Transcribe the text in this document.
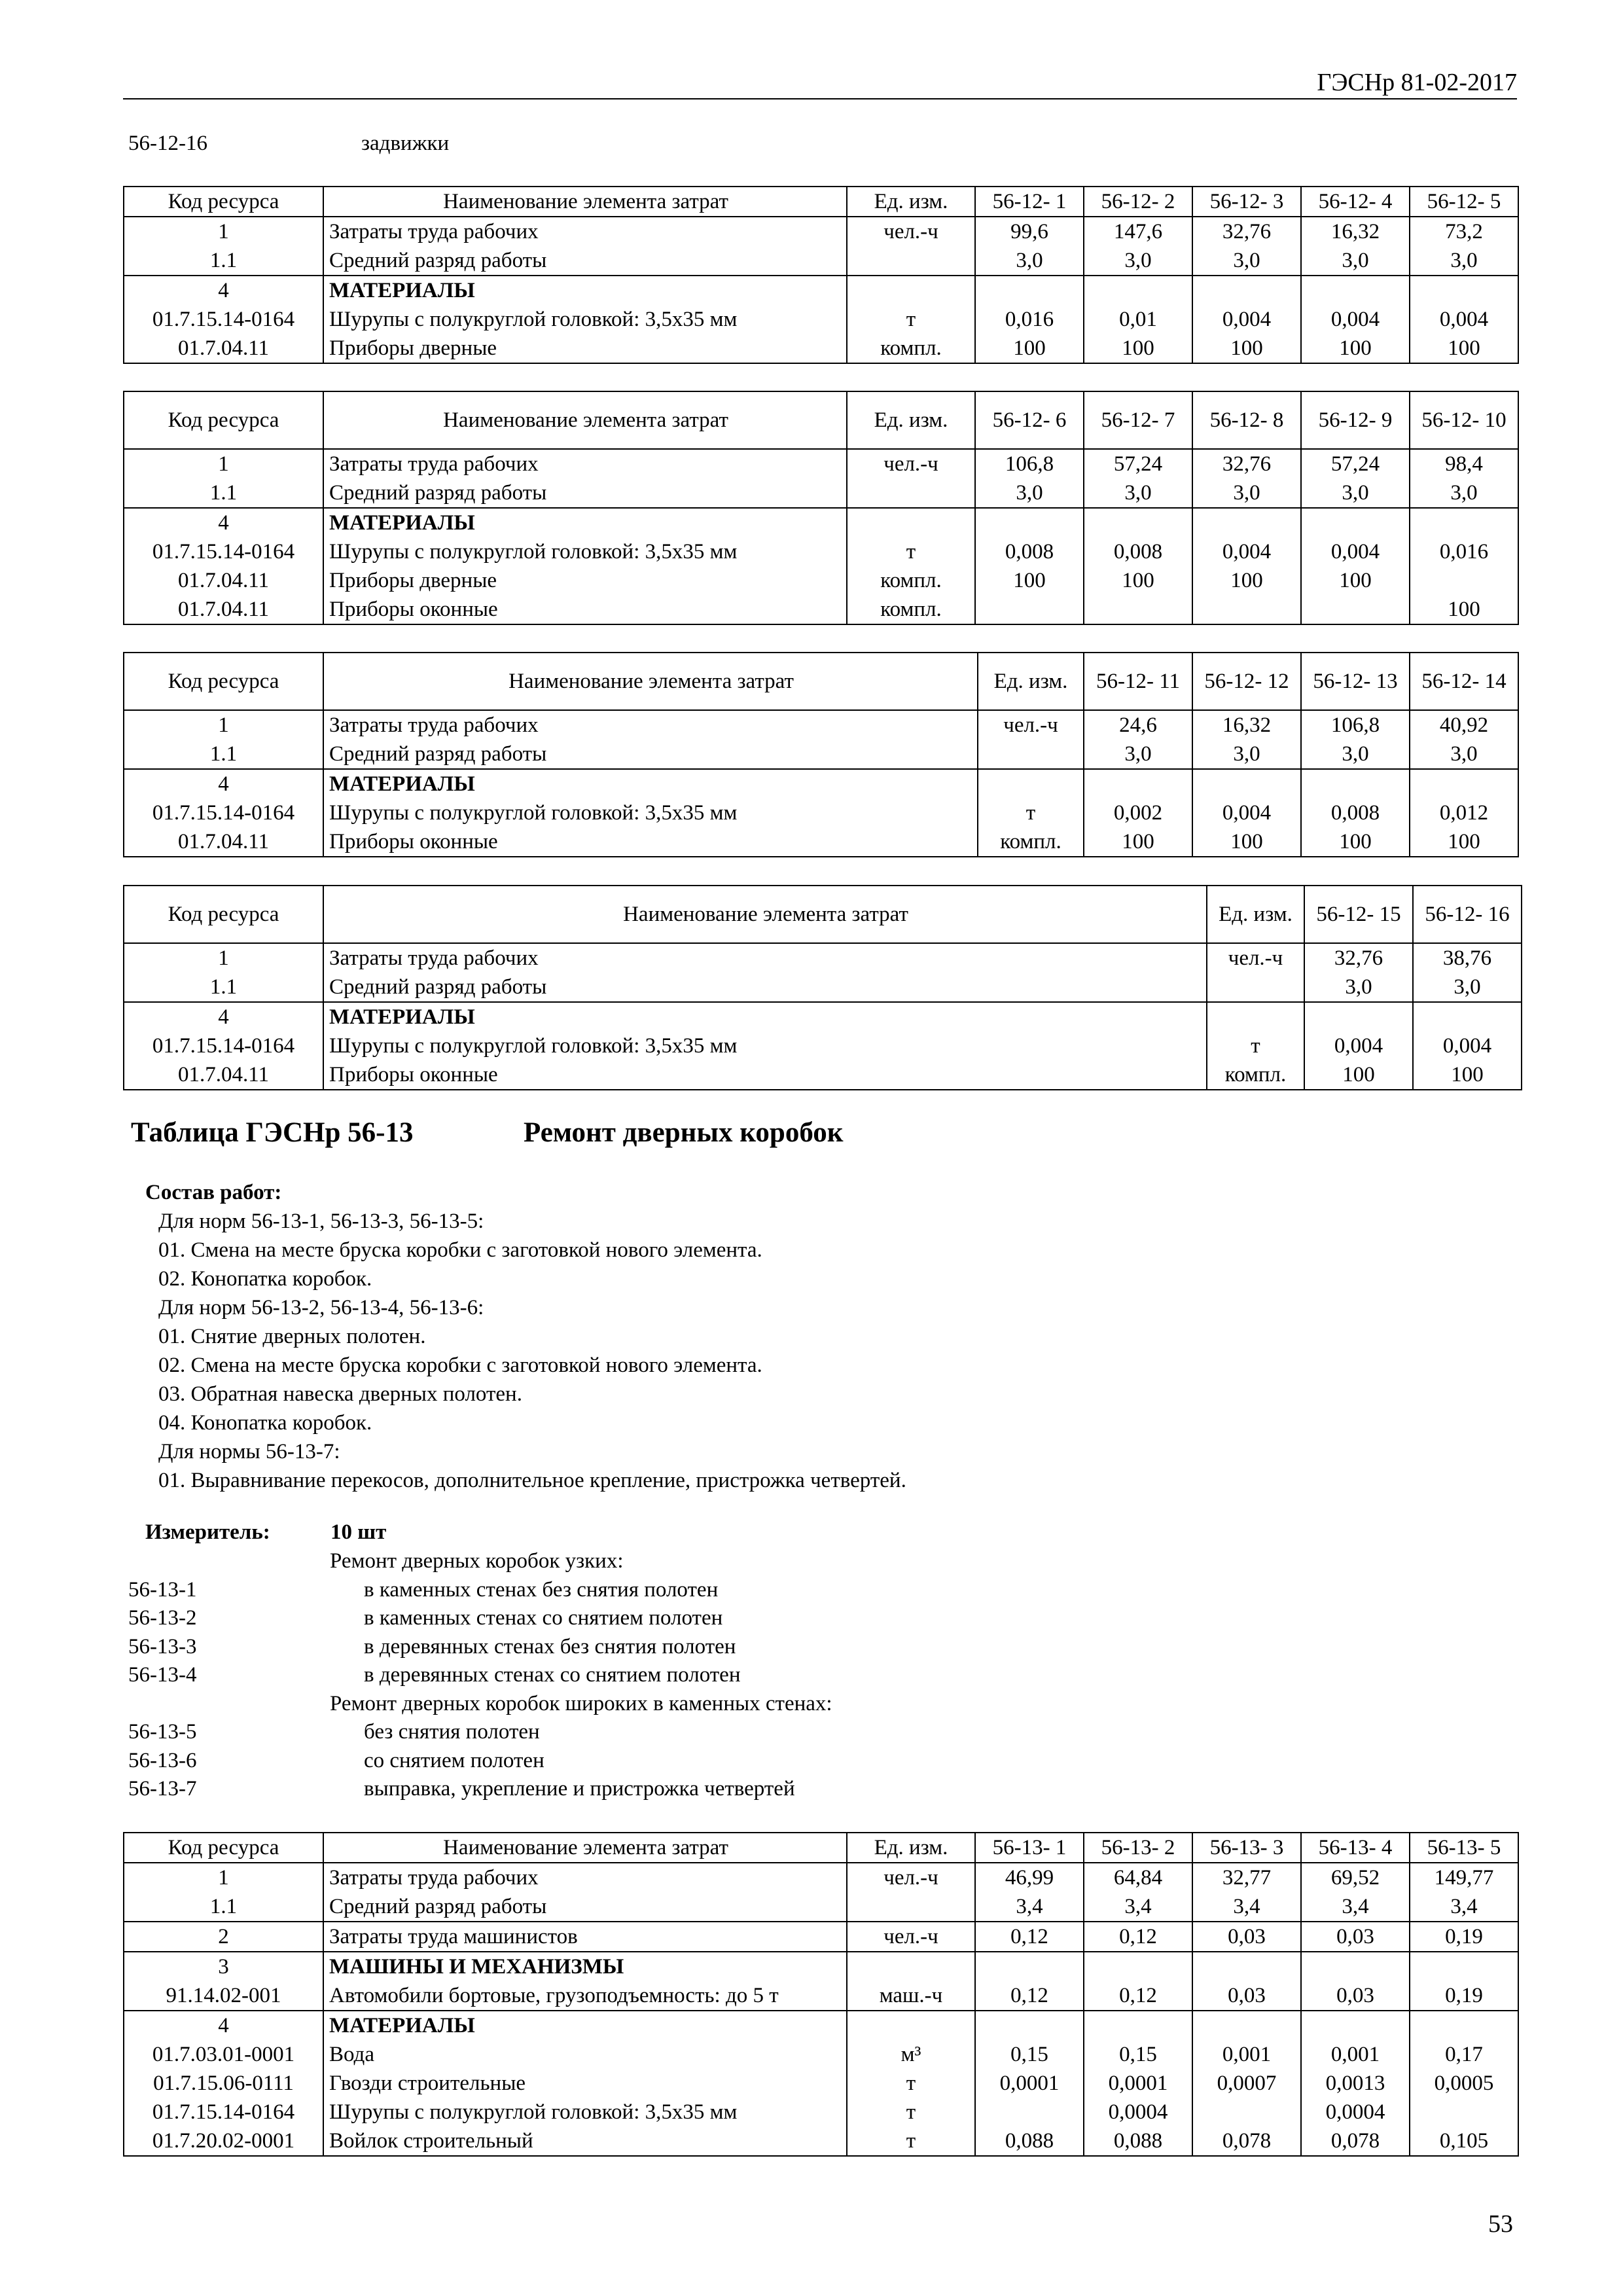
ГЭСНр 81-02-2017
56-12-16	задвижки
Код ресурса	Наименование элемента затрат	Ед. изм.	56-12- 1	56-12- 2	56-12- 3	56-12- 4	56-12- 5
1	Затраты труда рабочих	чел.-ч	99,6	147,6	32,76	16,32	73,2
1.1	Средний разряд работы		3,0	3,0	3,0	3,0	3,0
4	МАТЕРИАЛЫ						
01.7.15.14-0164	Шурупы с полукруглой головкой: 3,5х35 мм	т	0,016	0,01	0,004	0,004	0,004
01.7.04.11	Приборы дверные	компл.	100	100	100	100	100
Код ресурса	Наименование элемента затрат	Ед. изм.	56-12- 6	56-12- 7	56-12- 8	56-12- 9	56-12- 10
1	Затраты труда рабочих	чел.-ч	106,8	57,24	32,76	57,24	98,4
1.1	Средний разряд работы		3,0	3,0	3,0	3,0	3,0
4	МАТЕРИАЛЫ						
01.7.15.14-0164	Шурупы с полукруглой головкой: 3,5х35 мм	т	0,008	0,008	0,004	0,004	0,016
01.7.04.11	Приборы дверные	компл.	100	100	100	100	
01.7.04.11	Приборы оконные	компл.					100
Код ресурса	Наименование элемента затрат	Ед. изм.	56-12- 11	56-12- 12	56-12- 13	56-12- 14
1	Затраты труда рабочих	чел.-ч	24,6	16,32	106,8	40,92
1.1	Средний разряд работы		3,0	3,0	3,0	3,0
4	МАТЕРИАЛЫ					
01.7.15.14-0164	Шурупы с полукруглой головкой: 3,5х35 мм	т	0,002	0,004	0,008	0,012
01.7.04.11	Приборы оконные	компл.	100	100	100	100
Код ресурса	Наименование элемента затрат	Ед. изм.	56-12- 15	56-12- 16
1	Затраты труда рабочих	чел.-ч	32,76	38,76
1.1	Средний разряд работы		3,0	3,0
4	МАТЕРИАЛЫ			
01.7.15.14-0164	Шурупы с полукруглой головкой: 3,5х35 мм	т	0,004	0,004
01.7.04.11	Приборы оконные	компл.	100	100
Таблица ГЭСНр 56-13	Ремонт дверных коробок
Состав работ:
Для норм 56-13-1, 56-13-3, 56-13-5:
01. Смена на месте бруска коробки с заготовкой нового элемента.
02. Конопатка коробок.
Для норм 56-13-2, 56-13-4, 56-13-6:
01. Снятие дверных полотен.
02. Смена на месте бруска коробки с заготовкой нового элемента.
03. Обратная навеска дверных полотен.
04. Конопатка коробок.
Для нормы 56-13-7:
01. Выравнивание перекосов, дополнительное крепление, пристрожка четвертей.
Измеритель:	10 шт
Ремонт дверных коробок узких:
56-13-1	в каменных стенах без снятия полотен
56-13-2	в каменных стенах со снятием полотен
56-13-3	в деревянных стенах без снятия полотен
56-13-4	в деревянных стенах со снятием полотен
Ремонт дверных коробок широких в каменных стенах:
56-13-5	без снятия полотен
56-13-6	со снятием полотен
56-13-7	выправка, укрепление и пристрожка четвертей
Код ресурса	Наименование элемента затрат	Ед. изм.	56-13- 1	56-13- 2	56-13- 3	56-13- 4	56-13- 5
1	Затраты труда рабочих	чел.-ч	46,99	64,84	32,77	69,52	149,77
1.1	Средний разряд работы		3,4	3,4	3,4	3,4	3,4
2	Затраты труда машинистов	чел.-ч	0,12	0,12	0,03	0,03	0,19
3	МАШИНЫ И МЕХАНИЗМЫ						
91.14.02-001	Автомобили бортовые, грузоподъемность: до 5 т	маш.-ч	0,12	0,12	0,03	0,03	0,19
4	МАТЕРИАЛЫ						
01.7.03.01-0001	Вода	м³	0,15	0,15	0,001	0,001	0,17
01.7.15.06-0111	Гвозди строительные	т	0,0001	0,0001	0,0007	0,0013	0,0005
01.7.15.14-0164	Шурупы с полукруглой головкой: 3,5х35 мм	т		0,0004		0,0004	
01.7.20.02-0001	Войлок строительный	т	0,088	0,088	0,078	0,078	0,105
53
